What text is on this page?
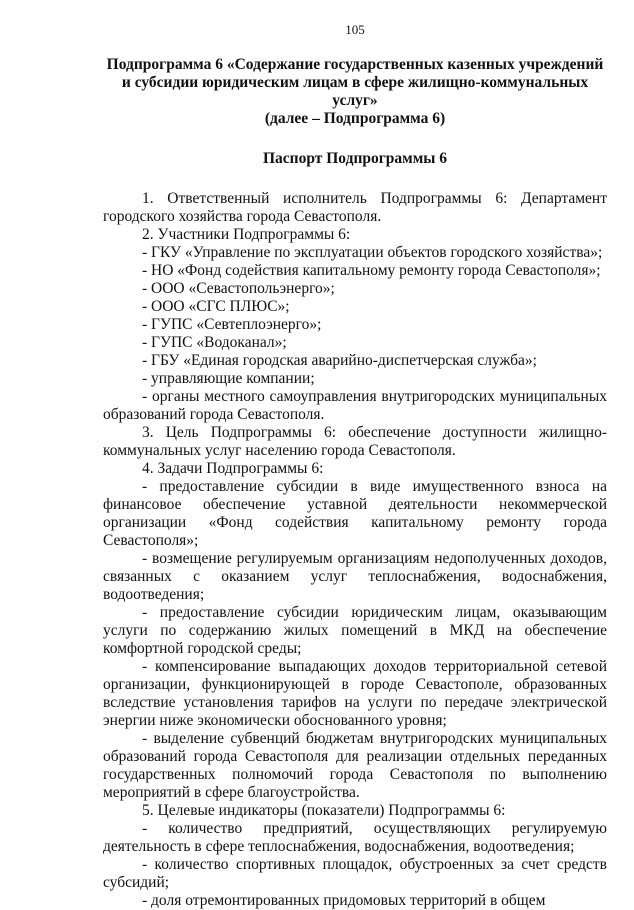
105
Подпрограмма 6 «Содержание государственных казенных учреждений
и субсидии юридическим лицам в сфере жилищно-коммунальных услуг»
(далее – Подпрограмма 6)
Паспорт Подпрограммы 6

1. Ответственный исполнитель Подпрограммы 6: Департамент городского хозяйства города Севастополя.

2. Участники Подпрограммы 6:

- ГКУ «Управление по эксплуатации объектов городского хозяйства»;

- НО «Фонд содействия капитальному ремонту города Севастополя»;

- ООО «Севастопольэнерго»;

- ООО «СГС ПЛЮС»;

- ГУПС «Севтеплоэнерго»;

- ГУПС «Водоканал»;

- ГБУ «Единая городская аварийно-диспетчерская служба»;

- управляющие компании;

- органы местного самоуправления внутригородских муниципальных образований города Севастополя.

3. Цель Подпрограммы 6: обеспечение доступности жилищно-коммунальных услуг населению города Севастополя.

4. Задачи Подпрограммы 6:

- предоставление субсидии в виде имущественного взноса на финансовое обеспечение уставной деятельности некоммерческой организации «Фонд содействия капитальному ремонту города Севастополя»;

- возмещение регулируемым организациям недополученных доходов, связанных с оказанием услуг теплоснабжения, водоснабжения, водоотведения;

- предоставление субсидии юридическим лицам, оказывающим услуги по содержанию жилых помещений в МКД на обеспечение комфортной городской среды;

- компенсирование выпадающих доходов территориальной сетевой организации, функционирующей в городе Севастополе, образованных вследствие установления тарифов на услуги по передаче электрической энергии ниже экономически обоснованного уровня;

- выделение субвенций бюджетам внутригородских муниципальных образований города Севастополя для реализации отдельных переданных государственных полномочий города Севастополя по выполнению мероприятий в сфере благоустройства.

5. Целевые индикаторы (показатели) Подпрограммы 6:

- количество предприятий, осуществляющих регулируемую деятельность в сфере теплоснабжения, водоснабжения, водоотведения;

- количество спортивных площадок, обустроенных за счет средств субсидий;

- доля отремонтированных придомовых территорий в общем
